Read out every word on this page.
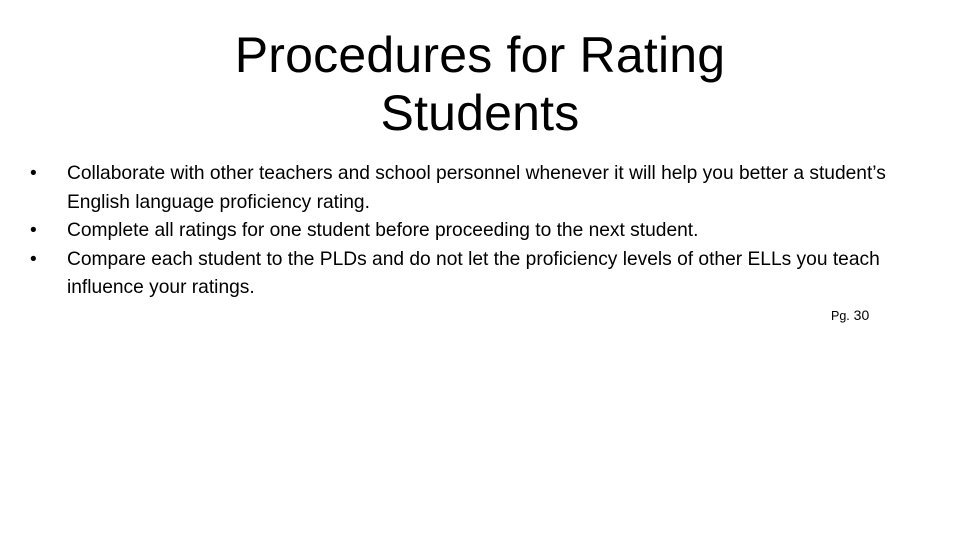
Procedures for Rating
Students
• Collaborate with other teachers and school personnel whenever it will help you better a student’s English language proficiency rating.
• Complete all ratings for one student before proceeding to the next student.
• Compare each student to the PLDs and do not let the proficiency levels of other ELLs you teach influence your ratings.
Pg. 30
